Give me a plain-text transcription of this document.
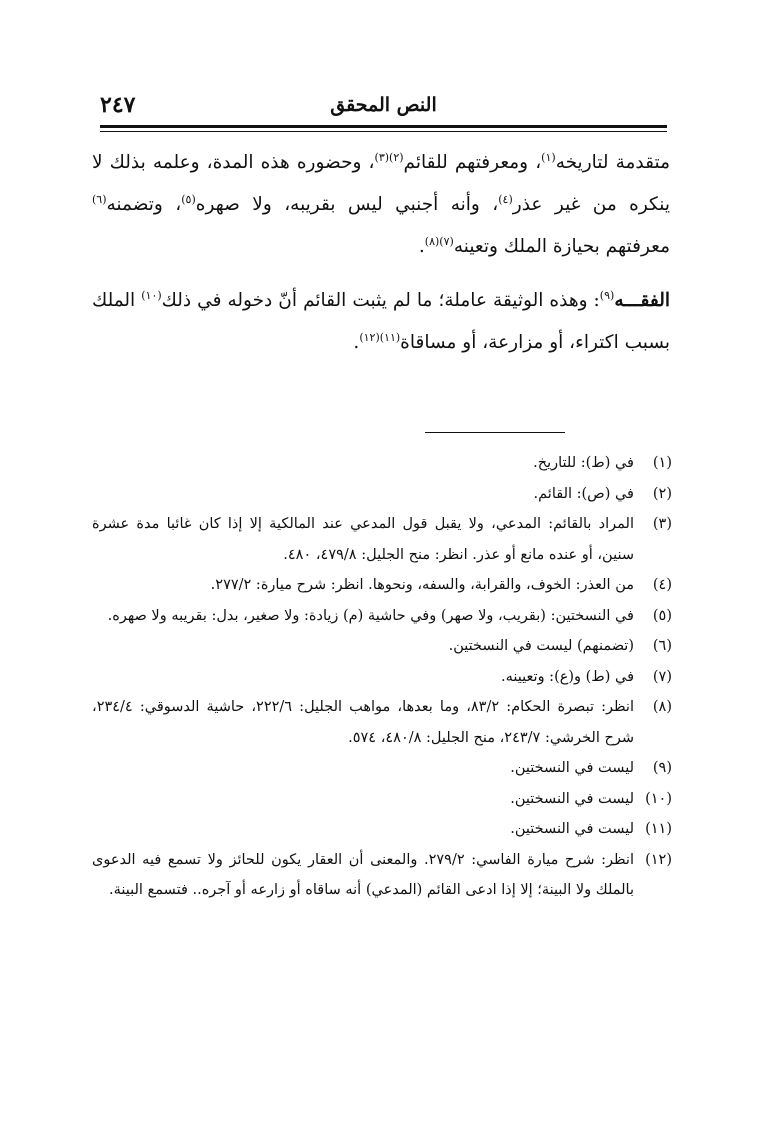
٢٤٧	النص المحقق

متقدمة لتاريخه$^{(١)}$، ومعرفتهم للقائم$^{(٢)(٣)}$، وحضوره هذه المدة، وعلمه بذلك لا ينكره من غير عذر$^{(٤)}$، وأنه أجنبي ليس بقريبه، ولا صهره$^{(٥)}$، وتضمنه$^{(٦)}$ معرفتهم بحيازة الملك وتعينه$^{(٧)(٨)}$.

الفقـــه$^{(٩)}$: وهذه الوثيقة عاملة؛ ما لم يثبت القائم أنّ دخوله في ذلك$^{(١٠)}$ الملك بسبب اكتراء، أو مزارعة، أو مساقاة$^{(١١)(١٢)}$.

(١)
في (ط): للتاريخ.
(٢)
في (ص): القائم.
(٣)
المراد بالقائم: المدعي، ولا يقبل قول المدعي عند المالكية إلا إذا كان غائبا مدة عشرة سنين، أو عنده مانع أو عذر. انظر: منح الجليل: ٤٧٩/٨، ٤٨٠.
(٤)
من العذر: الخوف، والقرابة، والسفه، ونحوها. انظر: شرح ميارة: ٢٧٧/٢.
(٥)
في النسختين: (بقريب، ولا صهر) وفي حاشية (م) زيادة: ولا صغير، بدل: بقريبه ولا صهره.
(٦)
(تضمنهم) ليست في النسختين.
(٧)
في (ط) و(ع): وتعيينه.
(٨)
انظر: تبصرة الحكام: ٨٣/٢، وما بعدها، مواهب الجليل: ٢٢٢/٦، حاشية الدسوقي: ٢٣٤/٤، شرح الخرشي: ٢٤٣/٧، منح الجليل: ٤٨٠/٨، ٥٧٤.
(٩)
ليست في النسختين.
(١٠)
ليست في النسختين.
(١١)
ليست في النسختين.
(١٢)
انظر: شرح ميارة الفاسي: ٢٧٩/٢. والمعنى أن العقار يكون للحائز ولا تسمع فيه الدعوى بالملك ولا البينة؛ إلا إذا ادعى القائم (المدعي) أنه ساقاه أو زارعه أو آجره.. فتسمع البينة.
